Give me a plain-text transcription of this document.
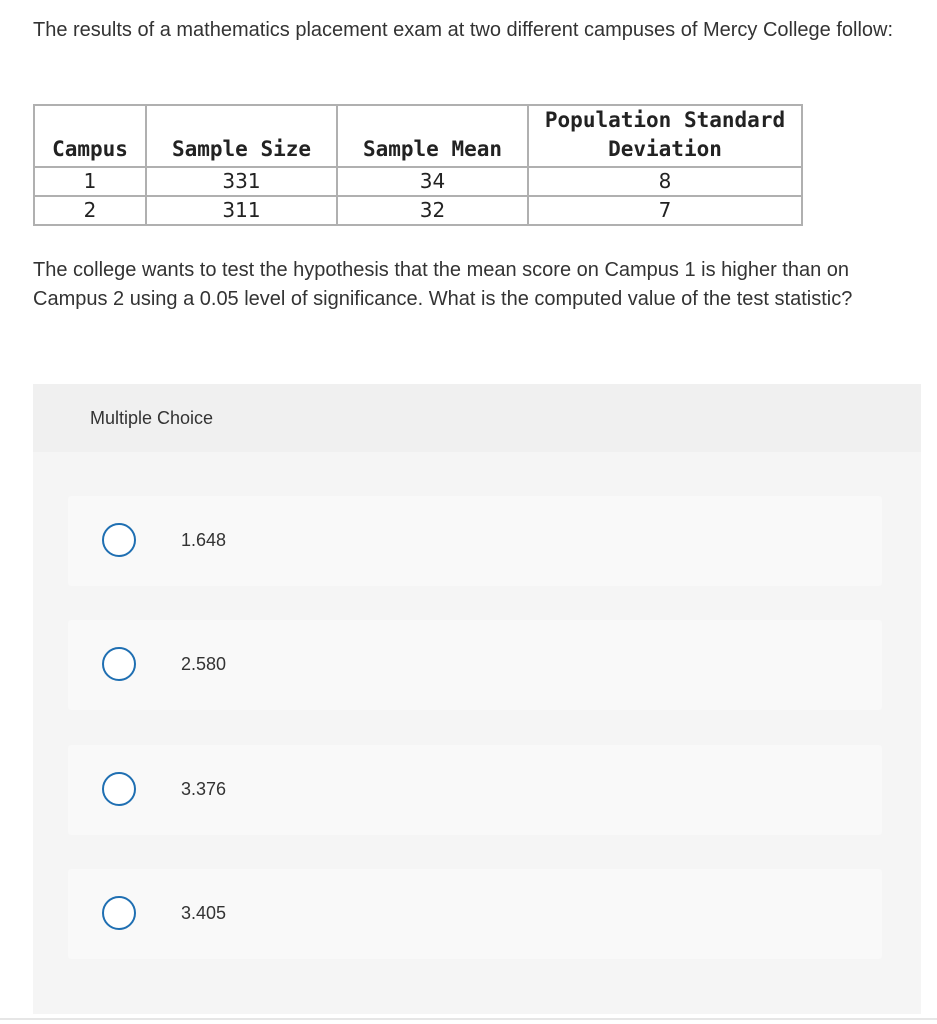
The results of a mathematics placement exam at two different campuses of Mercy College follow:

Campus	Sample Size	Sample Mean	Population Standard
Deviation
1	331	34	8
2	311	32	7

The college wants to test the hypothesis that the mean score on Campus 1 is higher than on Campus 2 using a 0.05 level of significance. What is the computed value of the test statistic?

Multiple Choice
1.648
2.580
3.376
3.405
